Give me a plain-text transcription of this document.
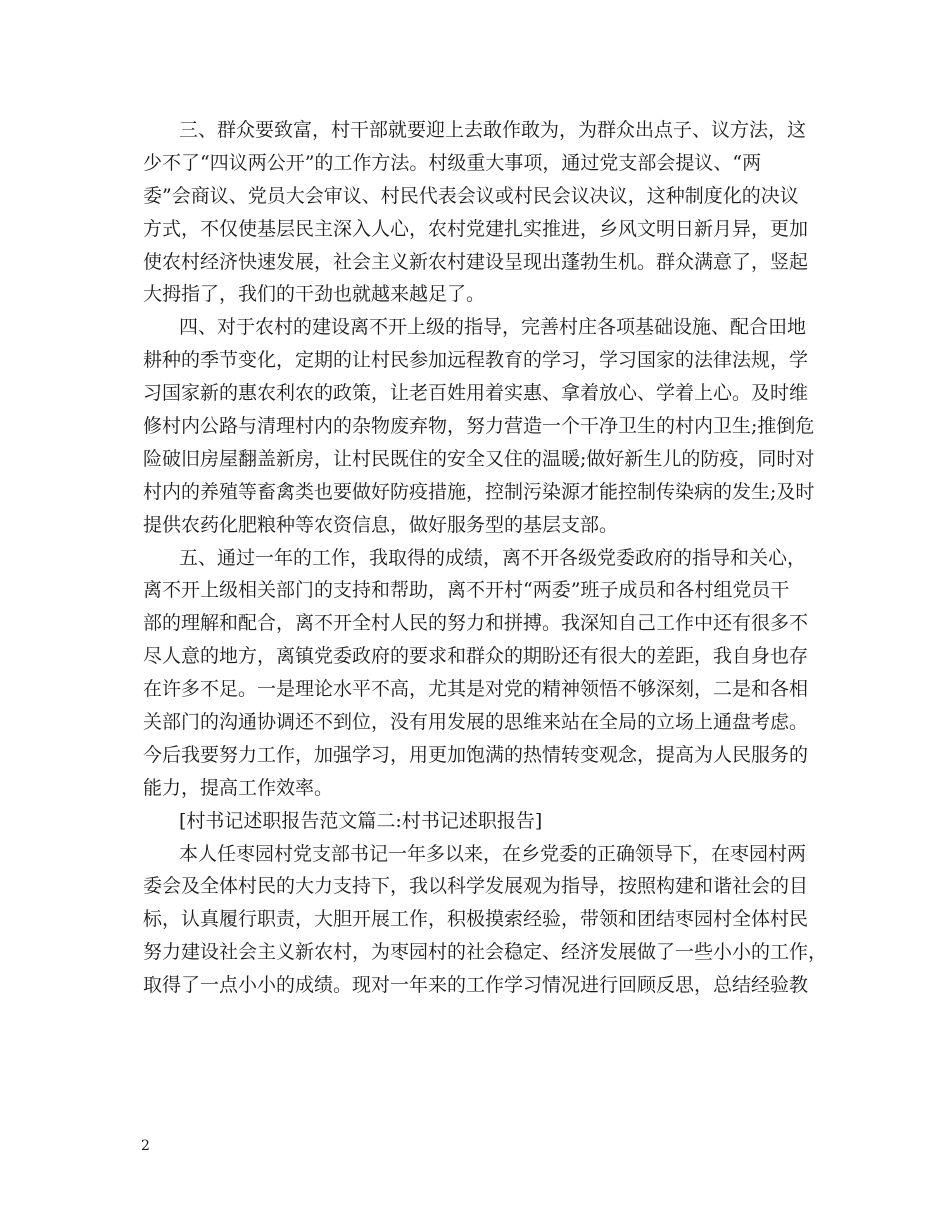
三、群众要致富，村干部就要迎上去敢作敢为，为群众出点子、议方法，这
少不了“四议两公开”的工作方法。村级重大事项，通过党支部会提议、“两
委”会商议、党员大会审议、村民代表会议或村民会议决议，这种制度化的决议
方式，不仅使基层民主深入人心，农村党建扎实推进，乡风文明日新月异，更加
使农村经济快速发展，社会主义新农村建设呈现出蓬勃生机。群众满意了，竖起
大拇指了，我们的干劲也就越来越足了。
四、对于农村的建设离不开上级的指导，完善村庄各项基础设施、配合田地
耕种的季节变化，定期的让村民参加远程教育的学习，学习国家的法律法规，学
习国家新的惠农利农的政策，让老百姓用着实惠、拿着放心、学着上心。及时维
修村内公路与清理村内的杂物废弃物，努力营造一个干净卫生的村内卫生;推倒危
险破旧房屋翻盖新房，让村民既住的安全又住的温暖;做好新生儿的防疫，同时对
村内的养殖等畜禽类也要做好防疫措施，控制污染源才能控制传染病的发生;及时
提供农药化肥粮种等农资信息，做好服务型的基层支部。
五、通过一年的工作，我取得的成绩，离不开各级党委政府的指导和关心，
离不开上级相关部门的支持和帮助，离不开村“两委”班子成员和各村组党员干
部的理解和配合，离不开全村人民的努力和拼搏。我深知自己工作中还有很多不
尽人意的地方，离镇党委政府的要求和群众的期盼还有很大的差距，我自身也存
在许多不足。一是理论水平不高，尤其是对党的精神领悟不够深刻，二是和各相
关部门的沟通协调还不到位，没有用发展的思维来站在全局的立场上通盘考虑。
今后我要努力工作，加强学习，用更加饱满的热情转变观念，提高为人民服务的
能力，提高工作效率。
[村书记述职报告范文篇二:村书记述职报告]
本人任枣园村党支部书记一年多以来，在乡党委的正确领导下，在枣园村两
委会及全体村民的大力支持下，我以科学发展观为指导，按照构建和谐社会的目
标，认真履行职责，大胆开展工作，积极摸索经验，带领和团结枣园村全体村民
努力建设社会主义新农村，为枣园村的社会稳定、经济发展做了一些小小的工作，
取得了一点小小的成绩。现对一年来的工作学习情况进行回顾反思，总结经验教
2
